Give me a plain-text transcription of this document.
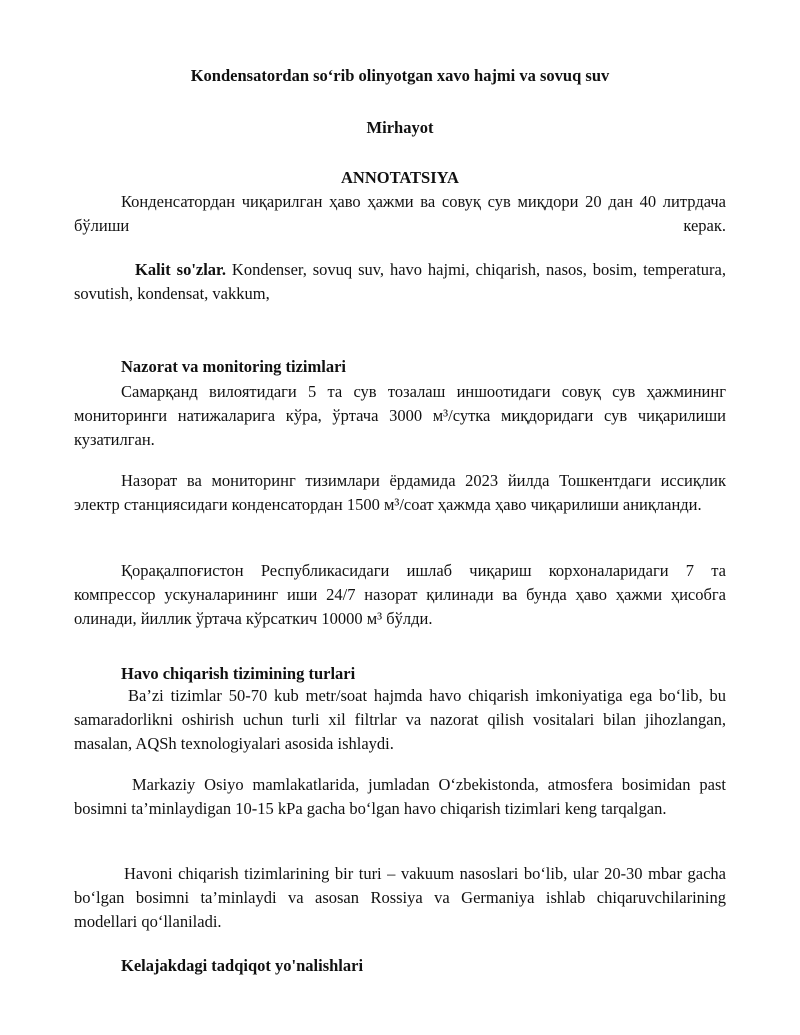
Kondensatordan so‘rib olinyotgan xavo hajmi va sovuq suv
Mirhayot
ANNOTATSIYA

Конденсатордан чиқарилган ҳаво ҳажми ва совуқ сув миқдори 20 дан 40 литрдача бўлиши керак.

Kalit so'zlar. Kondenser, sovuq suv, havo hajmi, chiqarish, nasos, bosim, temperatura, sovutish, kondensat, vakkum,

Nazorat va monitoring tizimlari

Самарқанд вилоятидаги 5 та сув тозалаш иншоотидаги совуқ сув ҳажмининг мониторинги натижаларига кўра, ўртача 3000 м³/сутка миқдоридаги сув чиқарилиши кузатилган.

Назорат ва мониторинг тизимлари ёрдамида 2023 йилда Тошкентдаги иссиқлик электр станциясидаги конденсатордан 1500 м³/соат ҳажмда ҳаво чиқарилиши аниқланди.

Қорақалпоғистон Республикасидаги ишлаб чиқариш корхоналаридаги 7 та компрессор ускуналарининг иши 24/7 назорат қилинади ва бунда ҳаво ҳажми ҳисобга олинади, йиллик ўртача кўрсаткич 10000 м³ бўлди.

Havo chiqarish tizimining turlari

Ba’zi tizimlar 50-70 kub metr/soat hajmda havo chiqarish imkoniyatiga ega bo‘lib, bu samaradorlikni oshirish uchun turli xil filtrlar va nazorat qilish vositalari bilan jihozlangan, masalan, AQSh texnologiyalari asosida ishlaydi.

Markaziy Osiyo mamlakatlarida, jumladan O‘zbekistonda, atmosfera bosimidan past bosimni ta’minlaydigan 10-15 kPa gacha bo‘lgan havo chiqarish tizimlari keng tarqalgan.

Havoni chiqarish tizimlarining bir turi – vakuum nasoslari bo‘lib, ular 20-30 mbar gacha bo‘lgan bosimni ta’minlaydi va asosan Rossiya va Germaniya ishlab chiqaruvchilarining modellari qo‘llaniladi.

Kelajakdagi tadqiqot yo'nalishlari
